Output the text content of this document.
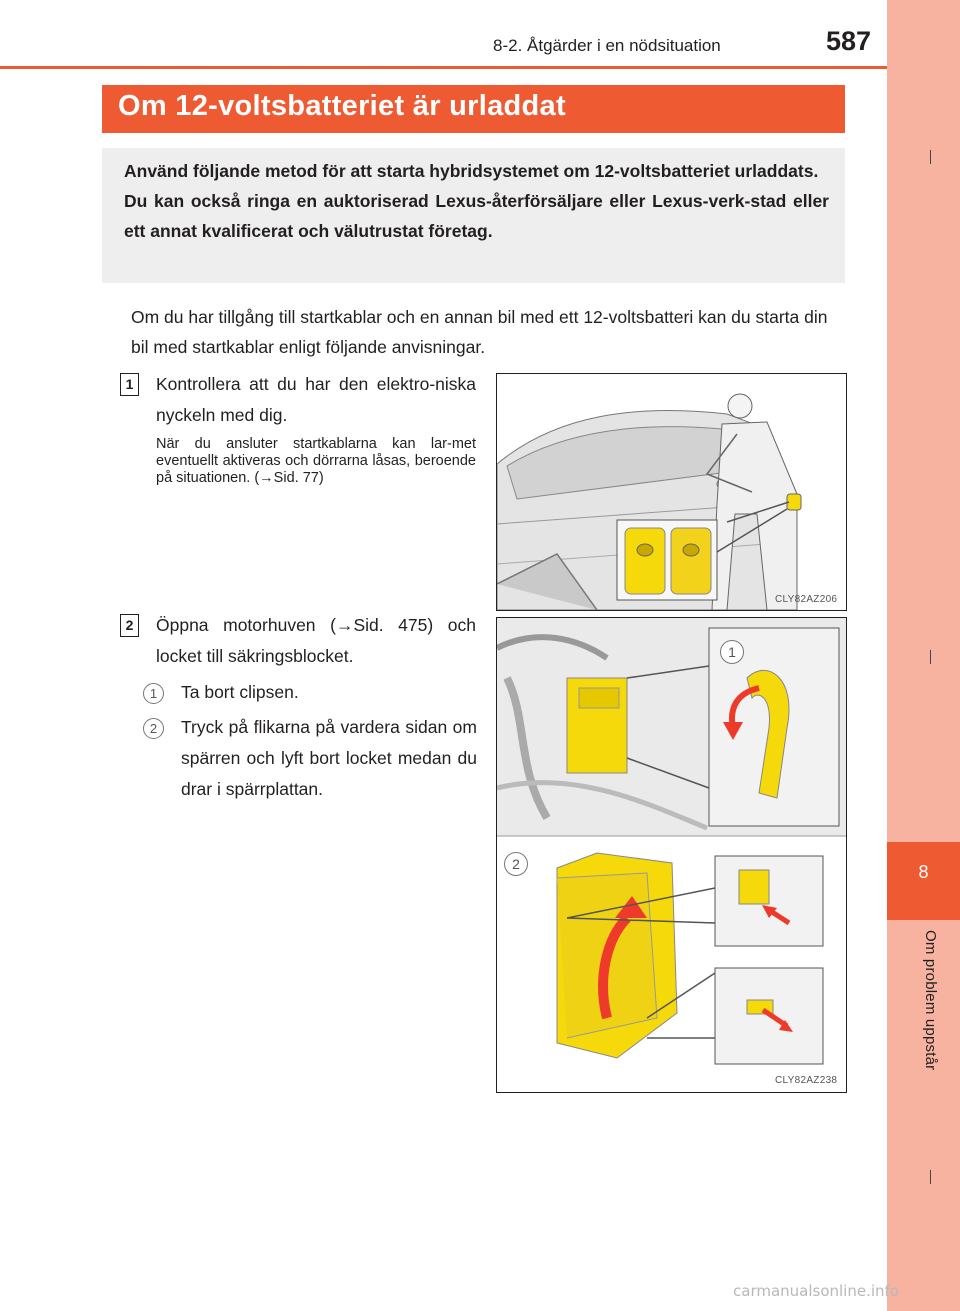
8
Om problem uppstår
8-2. Åtgärder i en nödsituation	587
Om 12-voltsbatteriet är urladdat

Använd följande metod för att starta hybridsystemet om 12-voltsbatteriet urladdats.

Du kan också ringa en auktoriserad Lexus-återförsäljare eller Lexus-verk-stad eller ett annat kvalificerat och välutrustat företag.

Om du har tillgång till startkablar och en annan bil med ett 12-voltsbatteri kan du starta din bil med startkablar enligt följande anvisningar.

1	Kontrollera att du har den elektro-niska nyckeln med dig.
När du ansluter startkablarna kan lar-met eventuellt aktiveras och dörrarna låsas, beroende på situationen. (→Sid. 77)
CLY82AZ206
2	Öppna motorhuven (→Sid. 475) och locket till säkringsblocket.
1	Ta bort clipsen.
2	Tryck på flikarna på vardera sidan om spärren och lyft bort locket medan du drar i spärrplattan.
1
2
CLY82AZ238
carmanualsonline.info
